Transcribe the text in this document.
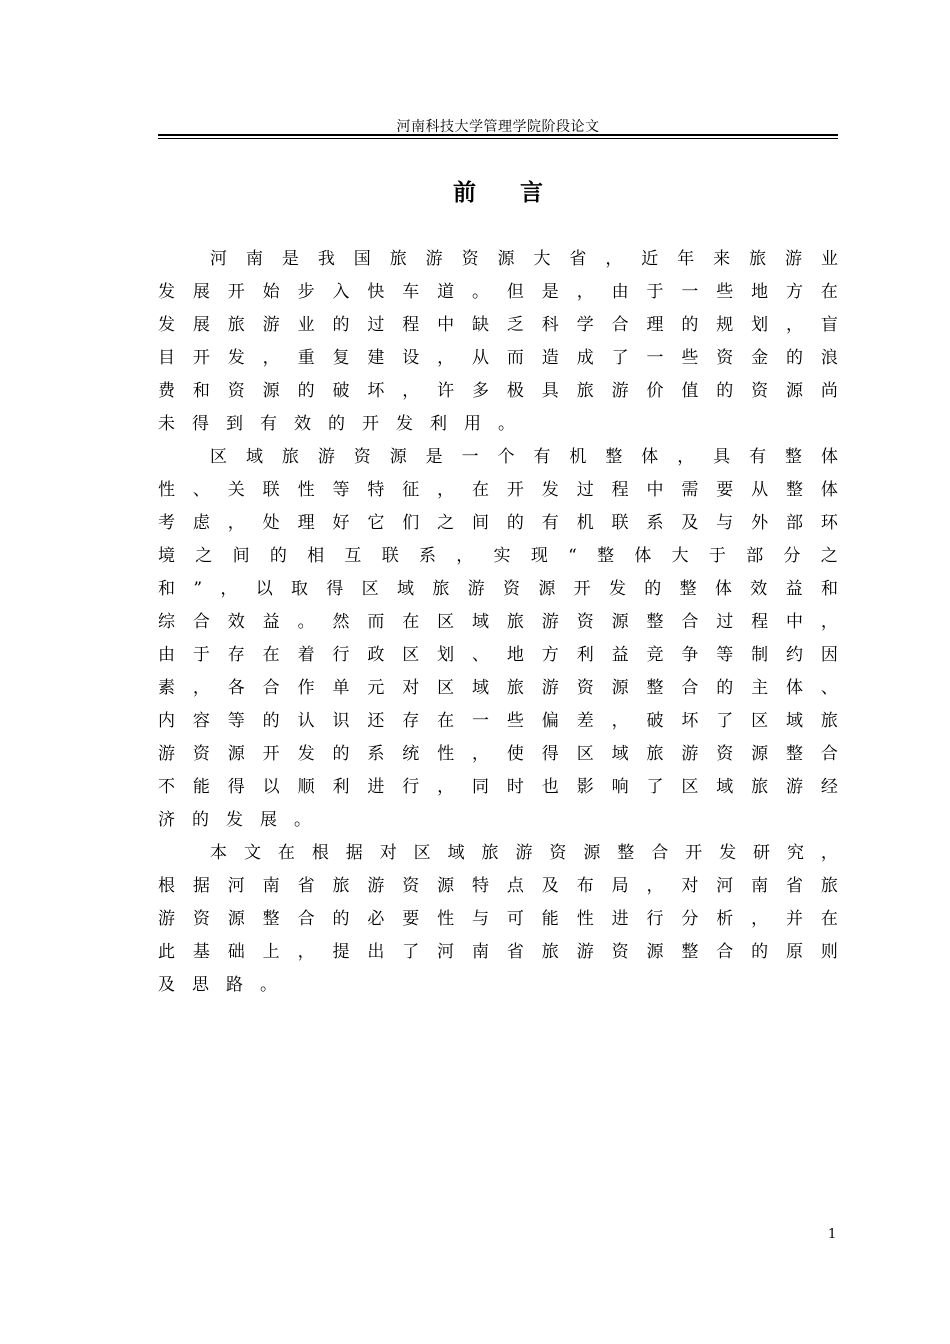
河南科技大学管理学院阶段论文
前言
河 南 是 我 国 旅 游 资 源 大 省 ， 近 年 来 旅 游 业
发 展 开 始 步 入 快 车 道 。 但 是 ， 由 于 一 些 地 方 在
发 展 旅 游 业 的 过 程 中 缺 乏 科 学 合 理 的 规 划 ， 盲
目 开 发 ， 重 复 建 设 ， 从 而 造 成 了 一 些 资 金 的 浪
费 和 资 源 的 破 坏 ， 许 多 极 具 旅 游 价 值 的 资 源 尚
未得到有效的开发利用。
区 域 旅 游 资 源 是 一 个 有 机 整 体 ， 具 有 整 体
性 、 关 联 性 等 特 征 ， 在 开 发 过 程 中 需 要 从 整 体
考 虑 ， 处 理 好 它 们 之 间 的 有 机 联 系 及 与 外 部 环
境 之 间 的 相 互 联 系 ， 实 现 “ 整 体 大 于 部 分 之
和 ” ， 以 取 得 区 域 旅 游 资 源 开 发 的 整 体 效 益 和
综 合 效 益 。 然 而 在 区 域 旅 游 资 源 整 合 过 程 中 ，
由 于 存 在 着 行 政 区 划 、 地 方 利 益 竞 争 等 制 约 因
素 ， 各 合 作 单 元 对 区 域 旅 游 资 源 整 合 的 主 体 、
内 容 等 的 认 识 还 存 在 一 些 偏 差 ， 破 坏 了 区 域 旅
游 资 源 开 发 的 系 统 性 ， 使 得 区 域 旅 游 资 源 整 合
不 能 得 以 顺 利 进 行 ， 同 时 也 影 响 了 区 域 旅 游 经
济的发展。
本 文 在 根 据 对 区 域 旅 游 资 源 整 合 开 发 研 究 ，
根 据 河 南 省 旅 游 资 源 特 点 及 布 局 ， 对 河 南 省 旅
游 资 源 整 合 的 必 要 性 与 可 能 性 进 行 分 析 ， 并 在
此 基 础 上 ， 提 出 了 河 南 省 旅 游 资 源 整 合 的 原 则
及思路。
1
